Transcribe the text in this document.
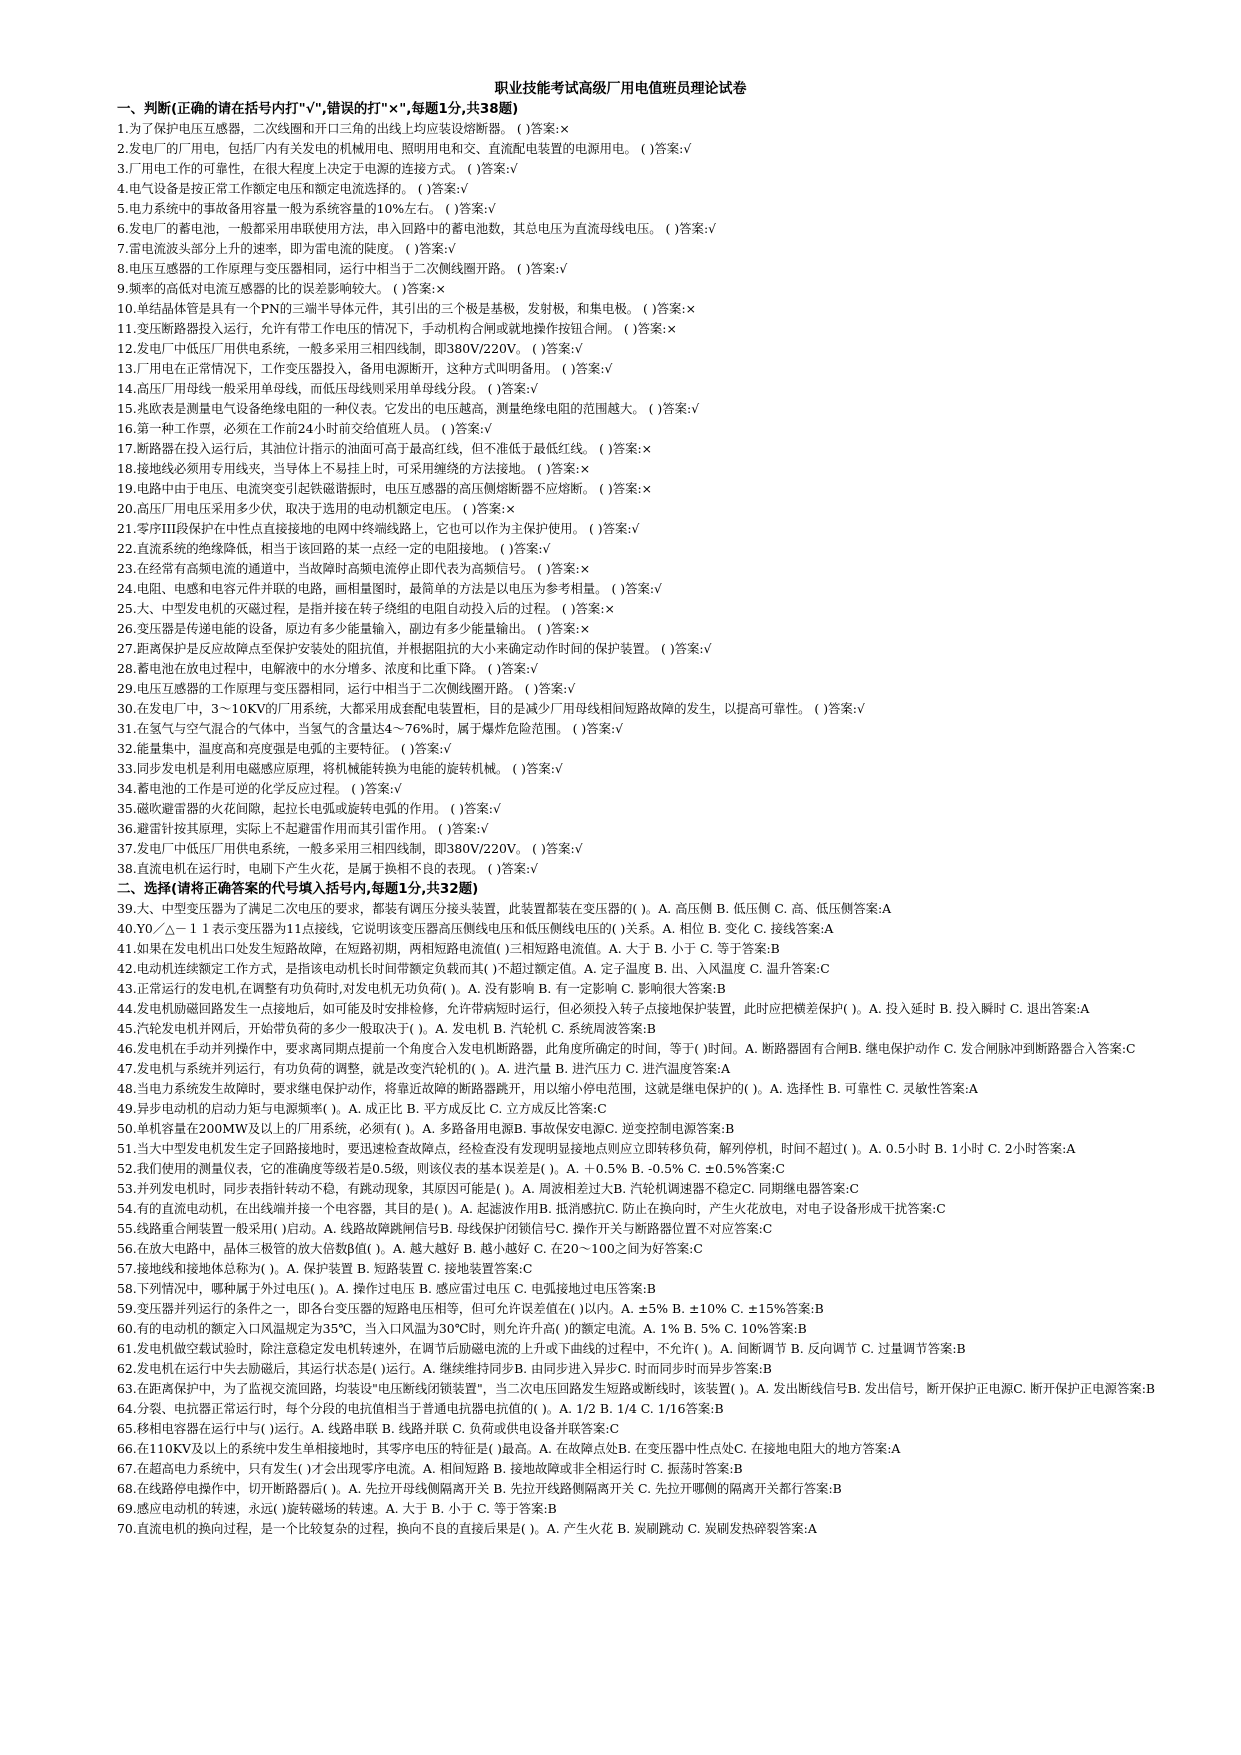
职业技能考试高级厂用电值班员理论试卷
一、判断(正确的请在括号内打"√",错误的打"×",每题1分,共38题)
1.为了保护电压互感器，二次线圈和开口三角的出线上均应装设熔断器。 ( )答案:×
2.发电厂的厂用电，包括厂内有关发电的机械用电、照明用电和交、直流配电装置的电源用电。 ( )答案:√
3.厂用电工作的可靠性，在很大程度上决定于电源的连接方式。 ( )答案:√
4.电气设备是按正常工作额定电压和额定电流选择的。 ( )答案:√
5.电力系统中的事故备用容量一般为系统容量的10%左右。 ( )答案:√
6.发电厂的蓄电池，一般都采用串联使用方法，串入回路中的蓄电池数，其总电压为直流母线电压。 ( )答案:√
7.雷电流波头部分上升的速率，即为雷电流的陡度。 ( )答案:√
8.电压互感器的工作原理与变压器相同，运行中相当于二次侧线圈开路。 ( )答案:√
9.频率的高低对电流互感器的比的误差影响较大。 ( )答案:×
10.单结晶体管是具有一个PN的三端半导体元件，其引出的三个极是基极，发射极，和集电极。 ( )答案:×
11.变压断路器投入运行，允许有带工作电压的情况下，手动机构合闸或就地操作按钮合闸。 ( )答案:×
12.发电厂中低压厂用供电系统，一般多采用三相四线制，即380V/220V。 ( )答案:√
13.厂用电在正常情况下，工作变压器投入，备用电源断开，这种方式叫明备用。 ( )答案:√
14.高压厂用母线一般采用单母线，而低压母线则采用单母线分段。 ( )答案:√
15.兆欧表是测量电气设备绝缘电阻的一种仪表。它发出的电压越高，测量绝缘电阻的范围越大。 ( )答案:√
16.第一种工作票，必须在工作前24小时前交给值班人员。 ( )答案:√
17.断路器在投入运行后，其油位计指示的油面可高于最高红线，但不准低于最低红线。 ( )答案:×
18.接地线必须用专用线夹，当导体上不易挂上时，可采用缠绕的方法接地。 ( )答案:×
19.电路中由于电压、电流突变引起铁磁谐振时，电压互感器的高压侧熔断器不应熔断。 ( )答案:×
20.高压厂用电压采用多少伏，取决于选用的电动机额定电压。 ( )答案:×
21.零序III段保护在中性点直接接地的电网中终端线路上，它也可以作为主保护使用。 ( )答案:√
22.直流系统的绝缘降低，相当于该回路的某一点经一定的电阻接地。 ( )答案:√
23.在经常有高频电流的通道中，当故障时高频电流停止即代表为高频信号。 ( )答案:×
24.电阻、电感和电容元件并联的电路，画相量图时，最简单的方法是以电压为参考相量。 ( )答案:√
25.大、中型发电机的灭磁过程，是指并接在转子绕组的电阻自动投入后的过程。 ( )答案:×
26.变压器是传递电能的设备，原边有多少能量输入，副边有多少能量输出。 ( )答案:×
27.距离保护是反应故障点至保护安装处的阻抗值，并根据阻抗的大小来确定动作时间的保护装置。 ( )答案:√
28.蓄电池在放电过程中，电解液中的水分增多、浓度和比重下降。 ( )答案:√
29.电压互感器的工作原理与变压器相同，运行中相当于二次侧线圈开路。 ( )答案:√
30.在发电厂中，3～10KV的厂用系统，大都采用成套配电装置柜，目的是减少厂用母线相间短路故障的发生，以提高可靠性。 ( )答案:√
31.在氢气与空气混合的气体中，当氢气的含量达4～76%时，属于爆炸危险范围。 ( )答案:√
32.能量集中，温度高和亮度强是电弧的主要特征。 ( )答案:√
33.同步发电机是利用电磁感应原理，将机械能转换为电能的旋转机械。 ( )答案:√
34.蓄电池的工作是可逆的化学反应过程。 ( )答案:√
35.磁吹避雷器的火花间隙，起拉长电弧或旋转电弧的作用。 ( )答案:√
36.避雷针按其原理，实际上不起避雷作用而其引雷作用。 ( )答案:√
37.发电厂中低压厂用供电系统，一般多采用三相四线制，即380V/220V。 ( )答案:√
38.直流电机在运行时，电刷下产生火花，是属于换相不良的表现。 ( )答案:√
二、选择(请将正确答案的代号填入括号内,每题1分,共32题)
39.大、中型变压器为了满足二次电压的要求，都装有调压分接头装置，此装置都装在变压器的( )。A. 高压侧 B. 低压侧 C. 高、低压侧答案:A
40.Y0／△－１１表示变压器为11点接线，它说明该变压器高压侧线电压和低压侧线电压的( )关系。A. 相位 B. 变化 C. 接线答案:A
41.如果在发电机出口处发生短路故障，在短路初期，两相短路电流值( )三相短路电流值。A. 大于 B. 小于 C. 等于答案:B
42.电动机连续额定工作方式，是指该电动机长时间带额定负载而其( )不超过额定值。A. 定子温度 B. 出、入风温度 C. 温升答案:C
43.正常运行的发电机,在调整有功负荷时,对发电机无功负荷( )。A. 没有影响 B. 有一定影响 C. 影响很大答案:B
44.发电机励磁回路发生一点接地后，如可能及时安排检修，允许带病短时运行，但必须投入转子点接地保护装置，此时应把横差保护( )。A. 投入延时 B. 投入瞬时 C. 退出答案:A
45.汽轮发电机并网后，开始带负荷的多少一般取决于( )。A. 发电机 B. 汽轮机 C. 系统周波答案:B
46.发电机在手动并列操作中，要求离同期点提前一个角度合入发电机断路器，此角度所确定的时间，等于( )时间。A. 断路器固有合闸B. 继电保护动作 C. 发合闸脉冲到断路器合入答案:C
47.发电机与系统并列运行，有功负荷的调整，就是改变汽轮机的( )。A. 进汽量 B. 进汽压力 C. 进汽温度答案:A
48.当电力系统发生故障时，要求继电保护动作，将靠近故障的断路器跳开，用以缩小停电范围，这就是继电保护的( )。A. 选择性 B. 可靠性 C. 灵敏性答案:A
49.异步电动机的启动力矩与电源频率( )。A. 成正比 B. 平方成反比 C. 立方成反比答案:C
50.单机容量在200MW及以上的厂用系统，必须有( )。A. 多路备用电源B. 事故保安电源C. 逆变控制电源答案:B
51.当大中型发电机发生定子回路接地时，要迅速检查故障点，经检查没有发现明显接地点则应立即转移负荷，解列停机，时间不超过( )。A. 0.5小时 B. 1小时 C. 2小时答案:A
52.我们使用的测量仪表，它的准确度等级若是0.5级，则该仪表的基本误差是( )。A. ＋0.5% B. -0.5% C. ±0.5%答案:C
53.并列发电机时，同步表指针转动不稳，有跳动现象，其原因可能是( )。A. 周波相差过大B. 汽轮机调速器不稳定C. 同期继电器答案:C
54.有的直流电动机，在出线端并接一个电容器，其目的是( )。A. 起滤波作用B. 抵消感抗C. 防止在换向时，产生火花放电，对电子设备形成干扰答案:C
55.线路重合闸装置一般采用( )启动。A. 线路故障跳闸信号B. 母线保护闭锁信号C. 操作开关与断路器位置不对应答案:C
56.在放大电路中，晶体三极管的放大倍数β值( )。A. 越大越好 B. 越小越好 C. 在20～100之间为好答案:C
57.接地线和接地体总称为( )。A. 保护装置 B. 短路装置 C. 接地装置答案:C
58.下列情况中，哪种属于外过电压( )。A. 操作过电压 B. 感应雷过电压 C. 电弧接地过电压答案:B
59.变压器并列运行的条件之一，即各台变压器的短路电压相等，但可允许误差值在( )以内。A. ±5% B. ±10% C. ±15%答案:B
60.有的电动机的额定入口风温规定为35℃，当入口风温为30℃时，则允许升高( )的额定电流。A. 1% B. 5% C. 10%答案:B
61.发电机做空载试验时，除注意稳定发电机转速外，在调节后励磁电流的上升或下曲线的过程中，不允许( )。A. 间断调节 B. 反向调节 C. 过量调节答案:B
62.发电机在运行中失去励磁后，其运行状态是( )运行。A. 继续维持同步B. 由同步进入异步C. 时而同步时而异步答案:B
63.在距离保护中，为了监视交流回路，均装设"电压断线闭锁装置"，当二次电压回路发生短路或断线时，该装置( )。A. 发出断线信号B. 发出信号，断开保护正电源C. 断开保护正电源答案:B
64.分裂、电抗器正常运行时，每个分段的电抗值相当于普通电抗器电抗值的( )。A. 1/2 B. 1/4 C. 1/16答案:B
65.移相电容器在运行中与( )运行。A. 线路串联 B. 线路并联 C. 负荷或供电设备并联答案:C
66.在110KV及以上的系统中发生单相接地时，其零序电压的特征是( )最高。A. 在故障点处B. 在变压器中性点处C. 在接地电阻大的地方答案:A
67.在超高电力系统中，只有发生( )才会出现零序电流。A. 相间短路 B. 接地故障或非全相运行时 C. 振荡时答案:B
68.在线路停电操作中，切开断路器后( )。A. 先拉开母线侧隔离开关 B. 先拉开线路侧隔离开关 C. 先拉开哪侧的隔离开关都行答案:B
69.感应电动机的转速，永远( )旋转磁场的转速。A. 大于 B. 小于 C. 等于答案:B
70.直流电机的换向过程，是一个比较复杂的过程，换向不良的直接后果是( )。A. 产生火花 B. 炭刷跳动 C. 炭刷发热碎裂答案:A
